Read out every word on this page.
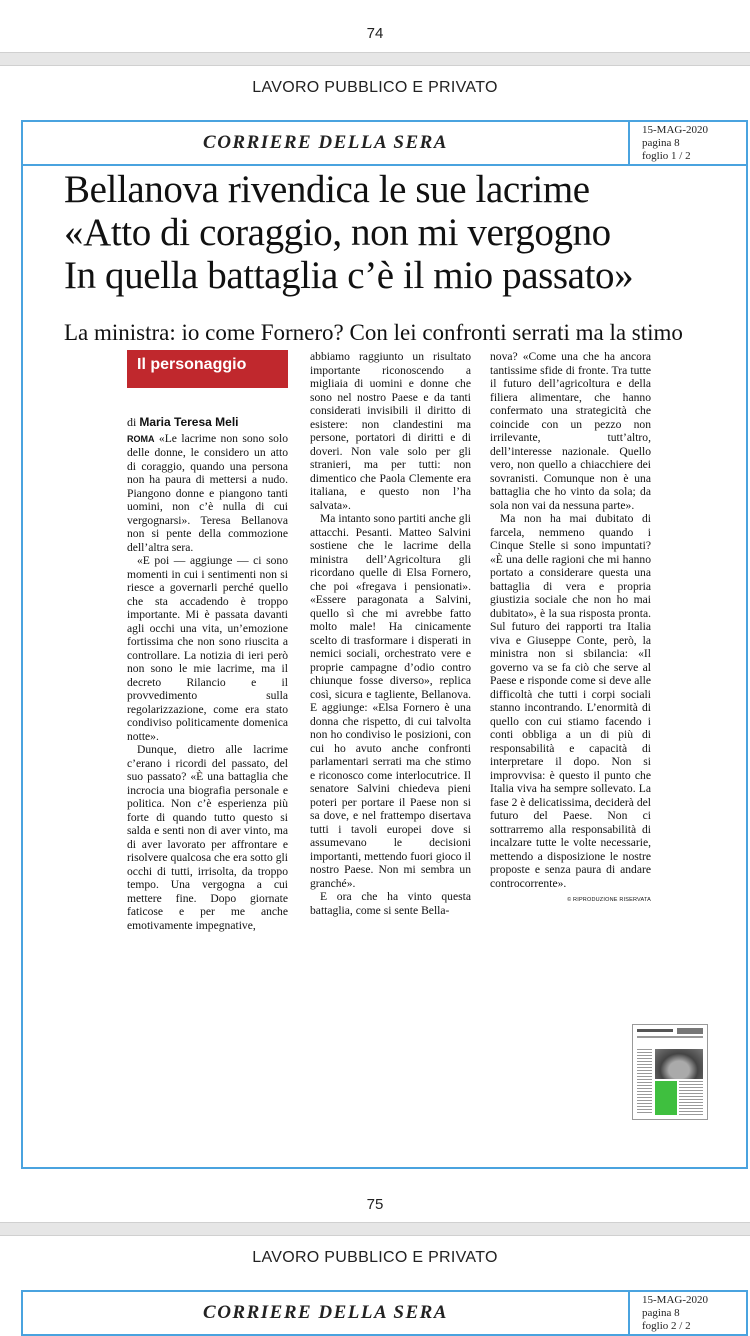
74
LAVORO PUBBLICO E PRIVATO
CORRIERE DELLA SERA
15-MAG-2020
pagina 8
foglio 1 / 2
Bellanova rivendica le sue lacrime
«Atto di coraggio, non mi vergogno
In quella battaglia c’è il mio passato»
La ministra: io come Fornero? Con lei confronti serrati ma la stimo
Il personaggio
di Maria Teresa Meli

ROMA «Le lacrime non sono solo delle donne, le considero un atto di coraggio, quando una persona non ha paura di mettersi a nudo. Piangono donne e piangono tanti uomini, non c’è nulla di cui vergognarsi». Teresa Bellanova non si pente della commozione dell’altra sera.

«E poi — aggiunge — ci sono momenti in cui i sentimenti non si riesce a governarli perché quello che sta accadendo è troppo importante. Mi è passata davanti agli occhi una vita, un’emozione fortissima che non sono riuscita a controllare. La notizia di ieri però non sono le mie lacrime, ma il decreto Rilancio e il provvedimento sulla regolarizzazione, come era stato condiviso politicamente domenica notte».

Dunque, dietro alle lacrime c’erano i ricordi del passato, del suo passato? «È una battaglia che incrocia una biografia personale e politica. Non c’è esperienza più forte di quando tutto questo si salda e senti non di aver vinto, ma di aver lavorato per affrontare e risolvere qualcosa che era sotto gli occhi di tutti, irrisolta, da troppo tempo. Una vergogna a cui mettere fine. Dopo giornate faticose e per me anche emotivamente impegnative,

abbiamo raggiunto un risultato importante riconoscendo a migliaia di uomini e donne che sono nel nostro Paese e da tanti considerati invisibili il diritto di esistere: non clandestini ma persone, portatori di diritti e di doveri. Non vale solo per gli stranieri, ma per tutti: non dimentico che Paola Clemente era italiana, e questo non l’ha salvata».

Ma intanto sono partiti anche gli attacchi. Pesanti. Matteo Salvini sostiene che le lacrime della ministra dell’Agricoltura gli ricordano quelle di Elsa Fornero, che poi «fregava i pensionati». «Essere paragonata a Salvini, quello sì che mi avrebbe fatto molto male! Ha cinicamente scelto di trasformare i disperati in nemici sociali, orchestrato vere e proprie campagne d’odio contro chiunque fosse diverso», replica così, sicura e tagliente, Bellanova. E aggiunge: «Elsa Fornero è una donna che rispetto, di cui talvolta non ho condiviso le posizioni, con cui ho avuto anche confronti parlamentari serrati ma che stimo e riconosco come interlocutrice. Il senatore Salvini chiedeva pieni poteri per portare il Paese non si sa dove, e nel frattempo disertava tutti i tavoli europei dove si assumevano le decisioni importanti, mettendo fuori gioco il nostro Paese. Non mi sembra un granché».

E ora che ha vinto questa battaglia, come si sente Bella-

nova? «Come una che ha ancora tantissime sfide di fronte. Tra tutte il futuro dell’agricoltura e della filiera alimentare, che hanno confermato una strategicità che coincide con un pezzo non irrilevante, tutt’altro, dell’interesse nazionale. Quello vero, non quello a chiacchiere dei sovranisti. Comunque non è una battaglia che ho vinto da sola; da sola non vai da nessuna parte».

Ma non ha mai dubitato di farcela, nemmeno quando i Cinque Stelle si sono impuntati? «È una delle ragioni che mi hanno portato a considerare questa una battaglia di vera e propria giustizia sociale che non ho mai dubitato», è la sua risposta pronta. Sul futuro dei rapporti tra Italia viva e Giuseppe Conte, però, la ministra non si sbilancia: «Il governo va se fa ciò che serve al Paese e risponde come si deve alle difficoltà che tutti i corpi sociali stanno incontrando. L’enormità di quello con cui stiamo facendo i conti obbliga a un di più di responsabilità e capacità di interpretare il dopo. Non si improvvisa: è questo il punto che Italia viva ha sempre sollevato. La fase 2 è delicatissima, deciderà del futuro del Paese. Non ci sottrarremo alla responsabilità di incalzare tutte le volte necessarie, mettendo a disposizione le nostre proposte e senza paura di andare controcorrente».

© RIPRODUZIONE RISERVATA
75
LAVORO PUBBLICO E PRIVATO
CORRIERE DELLA SERA
15-MAG-2020
pagina 8
foglio 2 / 2
